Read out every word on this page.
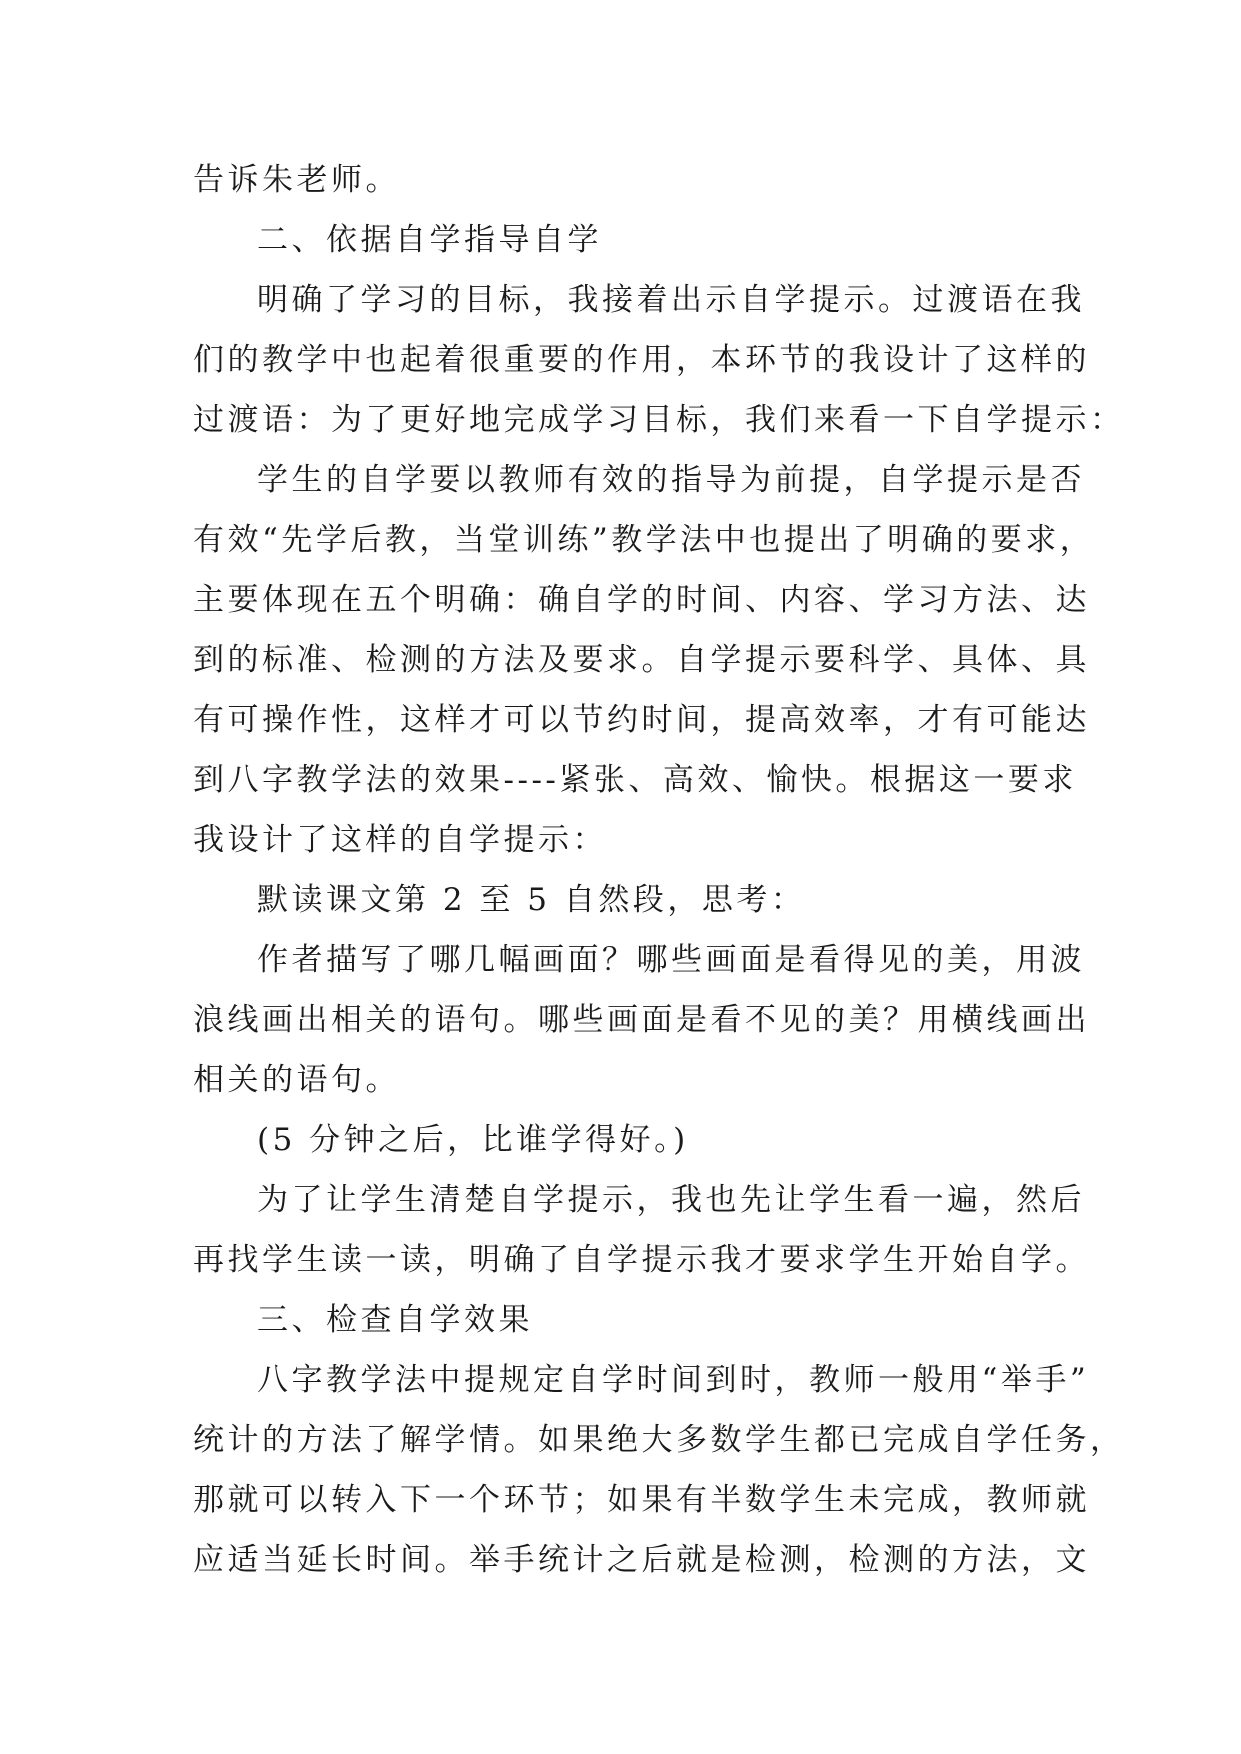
告诉朱老师。
二、依据自学指导自学
明确了学习的目标，我接着出示自学提示。过渡语在我
们的教学中也起着很重要的作用，本环节的我设计了这样的
过渡语：为了更好地完成学习目标，我们来看一下自学提示：
学生的自学要以教师有效的指导为前提，自学提示是否
有效“先学后教，当堂训练”教学法中也提出了明确的要求，
主要体现在五个明确：确自学的时间、内容、学习方法、达
到的标准、检测的方法及要求。自学提示要科学、具体、具
有可操作性，这样才可以节约时间，提高效率，才有可能达
到八字教学法的效果----紧张、高效、愉快。根据这一要求
我设计了这样的自学提示：
默读课文第 2 至 5 自然段，思考：
作者描写了哪几幅画面？哪些画面是看得见的美，用波
浪线画出相关的语句。哪些画面是看不见的美？用横线画出
相关的语句。
(5 分钟之后，比谁学得好。)
为了让学生清楚自学提示，我也先让学生看一遍，然后
再找学生读一读，明确了自学提示我才要求学生开始自学。
三、检查自学效果
八字教学法中提规定自学时间到时，教师一般用“举手”
统计的方法了解学情。如果绝大多数学生都已完成自学任务，
那就可以转入下一个环节；如果有半数学生未完成，教师就
应适当延长时间。举手统计之后就是检测，检测的方法，文
